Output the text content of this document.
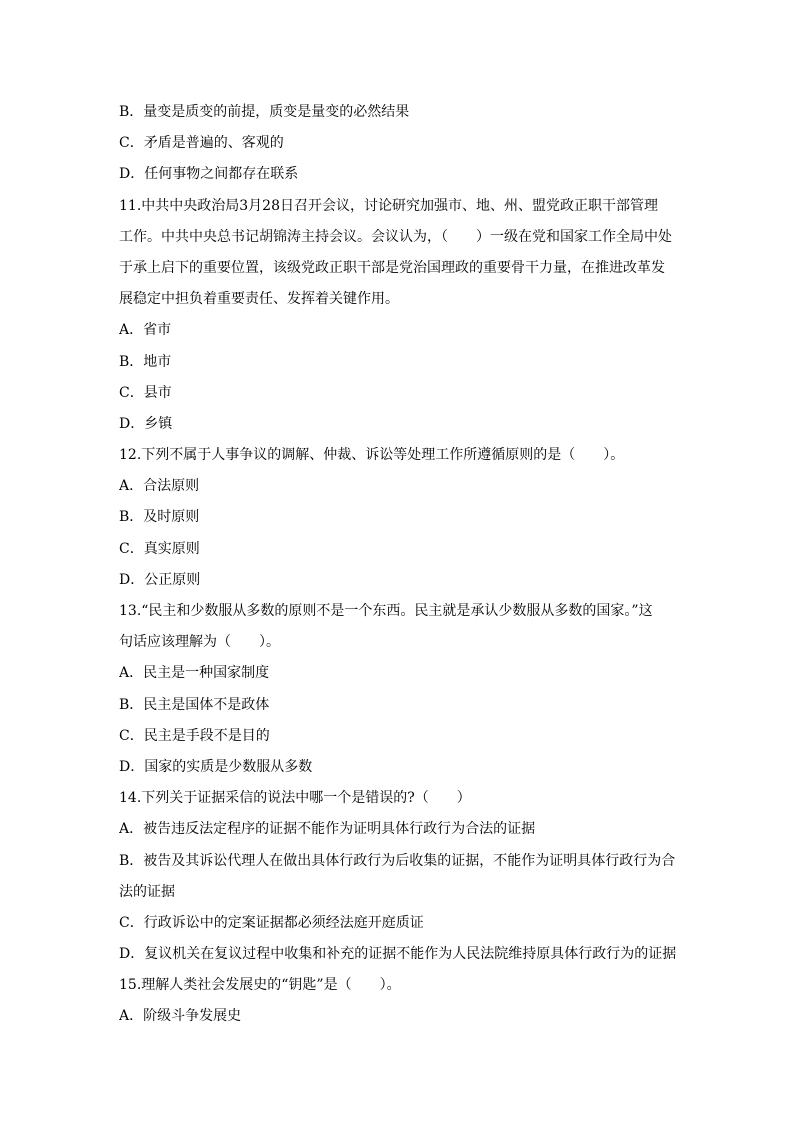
B．量变是质变的前提，质变是量变的必然结果
C．矛盾是普遍的、客观的
D．任何事物之间都存在联系
11.中共中央政治局3月28日召开会议，讨论研究加强市、地、州、盟党政正职干部管理
工作。中共中央总书记胡锦涛主持会议。会议认为，（　　）一级在党和国家工作全局中处
于承上启下的重要位置，该级党政正职干部是党治国理政的重要骨干力量，在推进改革发
展稳定中担负着重要责任、发挥着关键作用。
A．省市
B．地市
C．县市
D．乡镇
12.下列不属于人事争议的调解、仲裁、诉讼等处理工作所遵循原则的是（　　）。
A．合法原则
B．及时原则
C．真实原则
D．公正原则
13.“民主和少数服从多数的原则不是一个东西。民主就是承认少数服从多数的国家。”这
句话应该理解为（　　）。
A．民主是一种国家制度
B．民主是国体不是政体
C．民主是手段不是目的
D．国家的实质是少数服从多数
14.下列关于证据采信的说法中哪一个是错误的?（　　）
A．被告违反法定程序的证据不能作为证明具体行政行为合法的证据
B．被告及其诉讼代理人在做出具体行政行为后收集的证据，不能作为证明具体行政行为合
法的证据
C．行政诉讼中的定案证据都必须经法庭开庭质证
D．复议机关在复议过程中收集和补充的证据不能作为人民法院维持原具体行政行为的证据
15.理解人类社会发展史的“钥匙”是（　　）。
A．阶级斗争发展史
